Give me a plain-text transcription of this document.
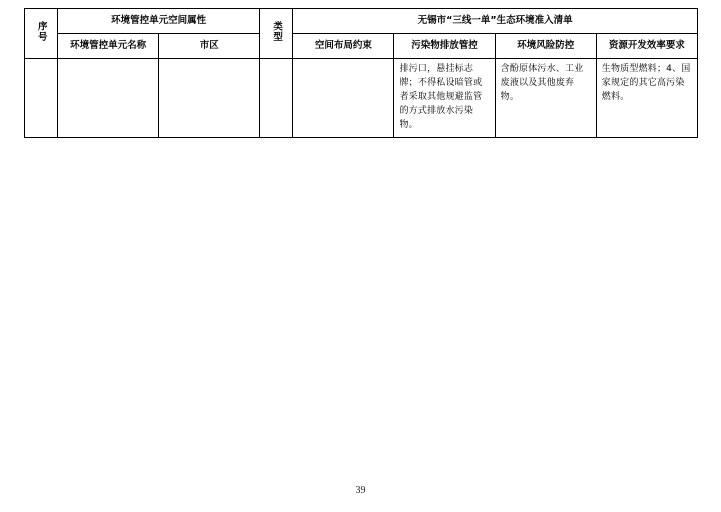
序号	环境管控单元空间属性		类型	无锡市“三线一单”生态环境准入清单			
	环境管控单元名称	市区		空间布局约束	污染物排放管控	环境风险防控	资源开发效率要求
					排污口，悬挂标志牌；不得私设暗管或者采取其他规避监管的方式排放水污染物。	含酚原体污水、工业废液以及其他废弃物。	生物质型燃料；4、国家规定的其它高污染燃料。
39
